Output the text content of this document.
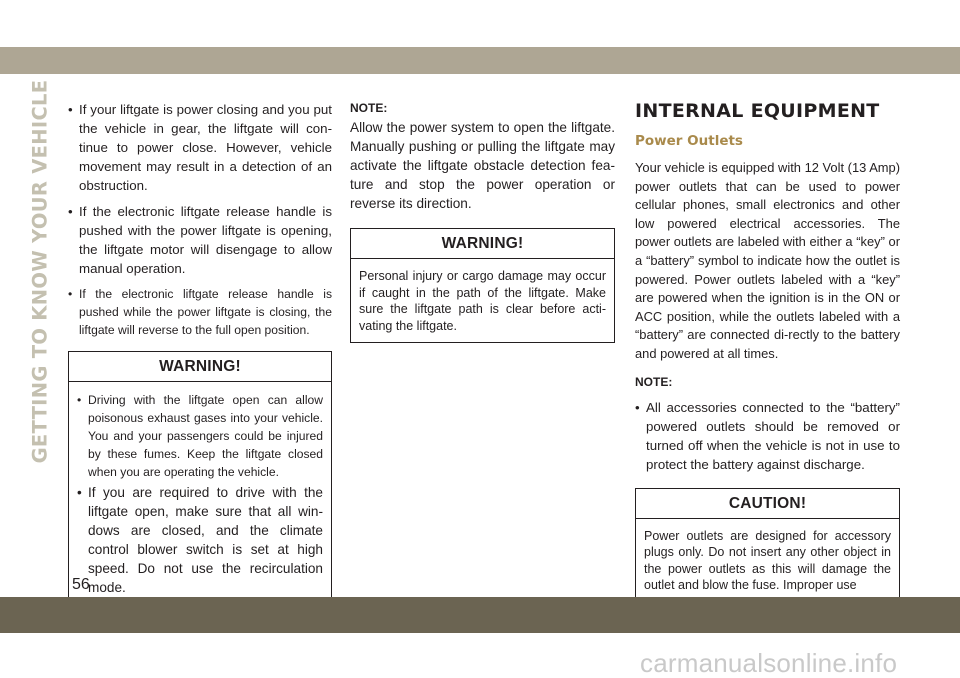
GETTING TO KNOW YOUR VEHICLE

•	If your liftgate is power closing and you put the vehicle in gear, the liftgate will con-tinue to power close. However, vehicle movement may result in a detection of an obstruction.

• If the electronic liftgate release handle is pushed with the power liftgate is opening, the liftgate motor will disengage to allow manual operation.

• If the electronic liftgate release handle is pushed while the power liftgate is closing, the liftgate will reverse to the full open position.

WARNING!

• Driving with the liftgate open can allow poisonous exhaust gases into your vehicle. You and your passengers could be injured by these fumes. Keep the liftgate closed when you are operating the vehicle.

• If you are required to drive with the liftgate open, make sure that all win-dows are closed, and the climate control blower switch is set at high speed. Do not use the recirculation mode.

NOTE:

Allow the power system to open the liftgate. Manually pushing or pulling the liftgate may activate the liftgate obstacle detection fea-ture and stop the power operation or reverse its direction.

WARNING!

Personal injury or cargo damage may occur if caught in the path of the liftgate. Make sure the liftgate path is clear before acti-vating the liftgate.

INTERNAL EQUIPMENT
Power Outlets

Your vehicle is equipped with 12 Volt (13 Amp) power outlets that can be used to power cellular phones, small electronics and other low powered electrical accessories. The power outlets are labeled with either a “key” or a “battery” symbol to indicate how the outlet is powered. Power outlets labeled with a “key” are powered when the ignition is in the ON or ACC position, while the outlets labeled with a “battery” are connected di-rectly to the battery and powered at all times.

NOTE:

• All accessories connected to the “battery” powered outlets should be removed or turned off when the vehicle is not in use to protect the battery against discharge.

CAUTION!

Power outlets are designed for accessory plugs only. Do not insert any other object in the power outlets as this will damage the outlet and blow the fuse. Improper use

56
carmanualsonline.info
